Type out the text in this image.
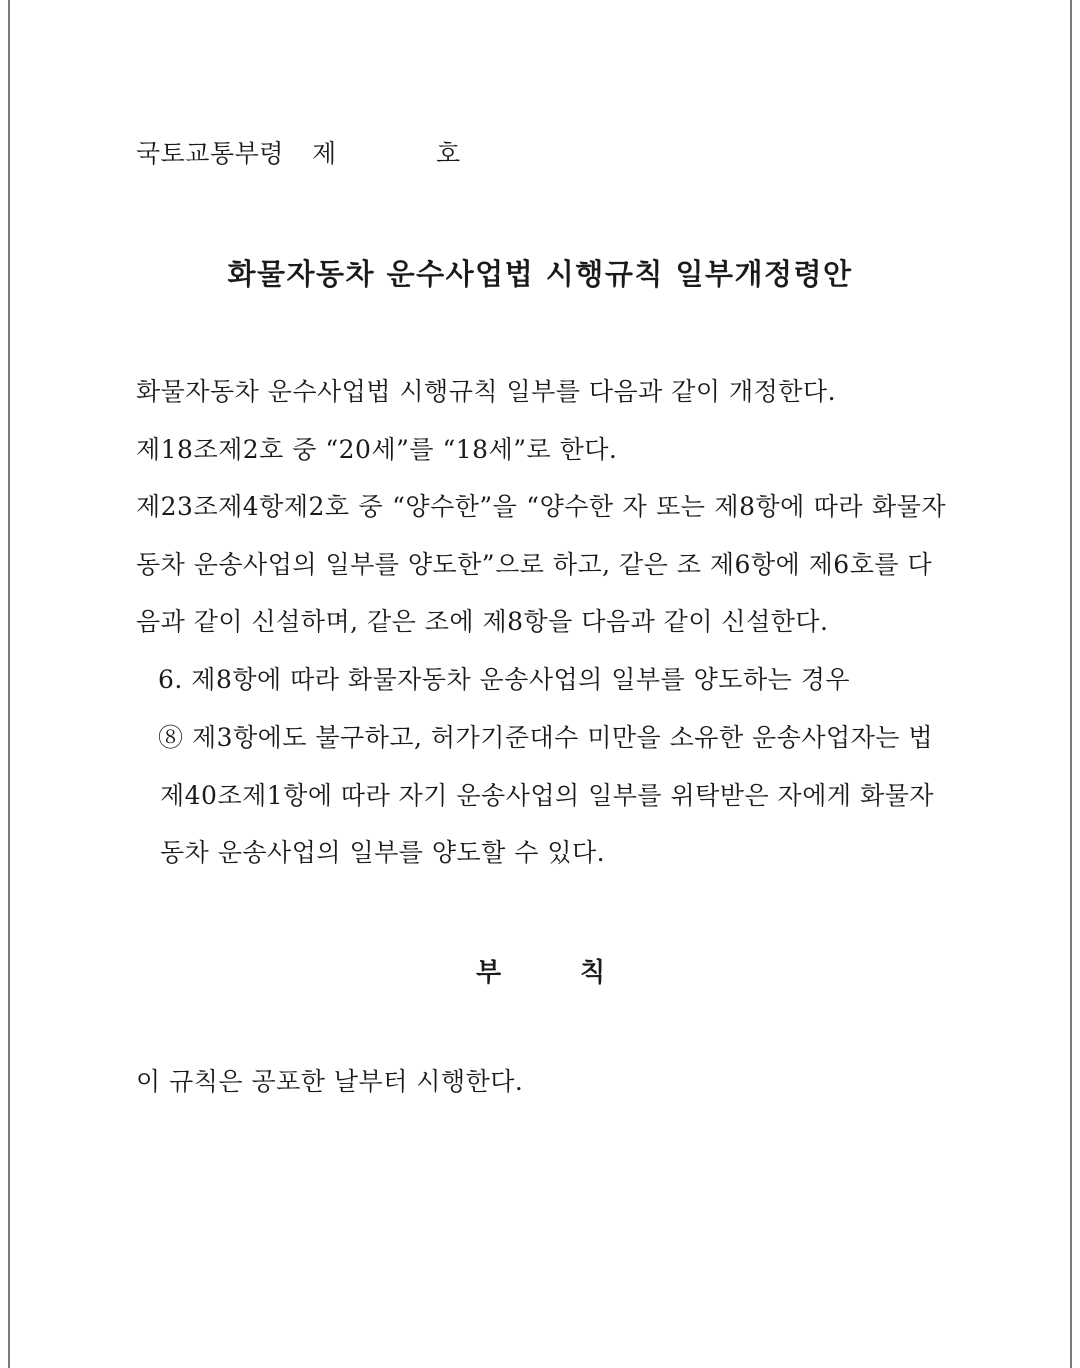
국토교통부령 제	호
화물자동차 운수사업법 시행규칙 일부개정령안
화물자동차 운수사업법 시행규칙 일부를 다음과 같이 개정한다.
제18조제2호 중 “20세”를 “18세”로 한다.
제23조제4항제2호 중 “양수한”을 “양수한 자 또는 제8항에 따라 화물자
동차 운송사업의 일부를 양도한”으로 하고, 같은 조 제6항에 제6호를 다
음과 같이 신설하며, 같은 조에 제8항을 다음과 같이 신설한다.
6. 제8항에 따라 화물자동차 운송사업의 일부를 양도하는 경우
⑧ 제3항에도 불구하고, 허가기준대수 미만을 소유한 운송사업자는 법
제40조제1항에 따라 자기 운송사업의 일부를 위탁받은 자에게 화물자
동차 운송사업의 일부를 양도할 수 있다.
부	칙
이 규칙은 공포한 날부터 시행한다.
